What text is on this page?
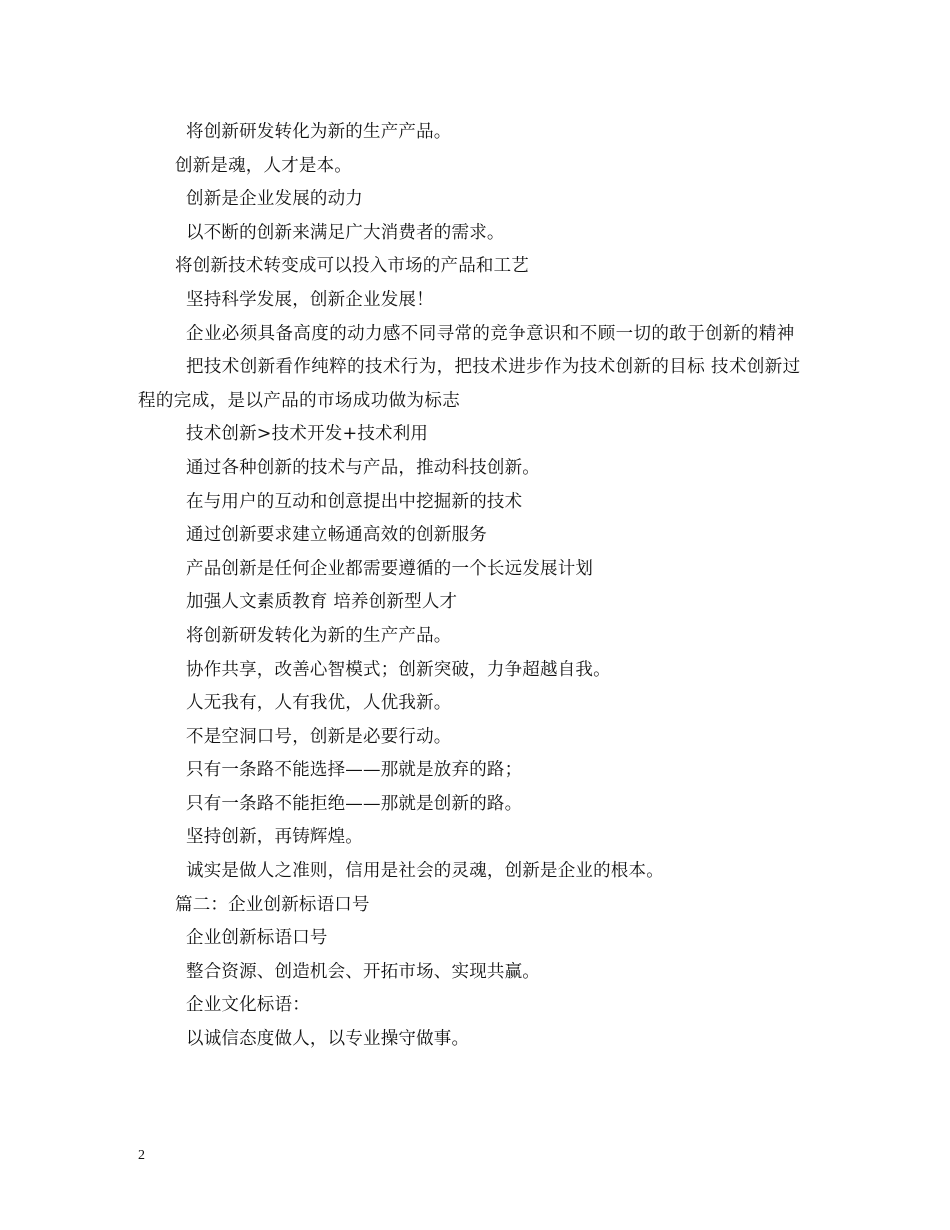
将创新研发转化为新的生产产品。
创新是魂，人才是本。
创新是企业发展的动力
以不断的创新来满足广大消费者的需求。
将创新技术转变成可以投入市场的产品和工艺
坚持科学发展，创新企业发展！
企业必须具备高度的动力感不同寻常的竞争意识和不顾一切的敢于创新的精神
把技术创新看作纯粹的技术行为，把技术进步作为技术创新的目标 技术创新过程的完成，是以产品的市场成功做为标志
技术创新>技术开发+技术利用
通过各种创新的技术与产品，推动科技创新。
在与用户的互动和创意提出中挖掘新的技术
通过创新要求建立畅通高效的创新服务
产品创新是任何企业都需要遵循的一个长远发展计划
加强人文素质教育 培养创新型人才
将创新研发转化为新的生产产品。
协作共享，改善心智模式；创新突破，力争超越自我。
人无我有，人有我优，人优我新。
不是空洞口号，创新是必要行动。
只有一条路不能选择——那就是放弃的路；
只有一条路不能拒绝——那就是创新的路。
坚持创新，再铸辉煌。
诚实是做人之准则，信用是社会的灵魂，创新是企业的根本。
篇二：企业创新标语口号
企业创新标语口号
整合资源、创造机会、开拓市场、实现共赢。
企业文化标语：
以诚信态度做人，以专业操守做事。
2
